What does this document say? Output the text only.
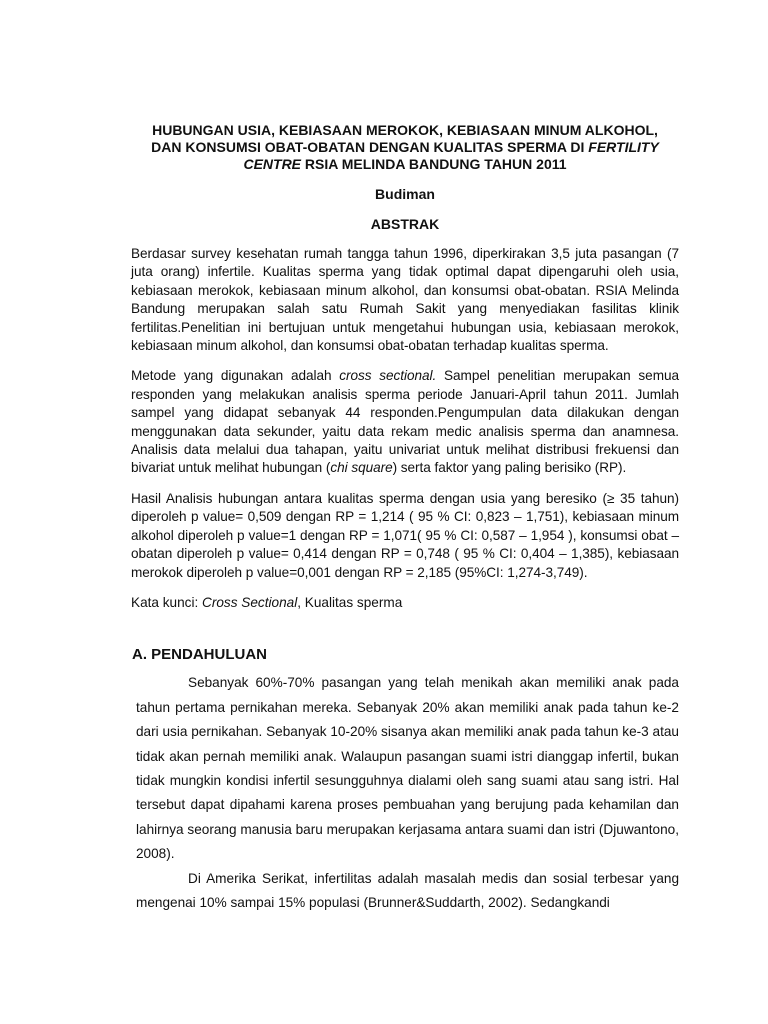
HUBUNGAN USIA, KEBIASAAN MEROKOK, KEBIASAAN MINUM ALKOHOL,
DAN KONSUMSI OBAT-OBATAN DENGAN KUALITAS SPERMA DI FERTILITY
CENTRE RSIA MELINDA BANDUNG TAHUN 2011
Budiman
ABSTRAK

Berdasar survey kesehatan rumah tangga tahun 1996, diperkirakan 3,5 juta pasangan (7 juta orang) infertile. Kualitas sperma yang tidak optimal dapat dipengaruhi oleh usia, kebiasaan merokok, kebiasaan minum alkohol, dan konsumsi obat-obatan. RSIA Melinda Bandung merupakan salah satu Rumah Sakit yang menyediakan fasilitas klinik fertilitas.Penelitian ini bertujuan untuk mengetahui hubungan usia, kebiasaan merokok, kebiasaan minum alkohol, dan konsumsi obat-obatan terhadap kualitas sperma.

Metode yang digunakan adalah cross sectional. Sampel penelitian merupakan semua responden yang melakukan analisis sperma periode Januari-April tahun 2011. Jumlah sampel yang didapat sebanyak 44 responden.Pengumpulan data dilakukan dengan menggunakan data sekunder, yaitu data rekam medic analisis sperma dan anamnesa. Analisis data melalui dua tahapan, yaitu univariat untuk melihat distribusi frekuensi dan bivariat untuk melihat hubungan (chi square) serta faktor yang paling berisiko (RP).

Hasil Analisis hubungan antara kualitas sperma dengan usia yang beresiko (≥ 35 tahun) diperoleh p value= 0,509 dengan RP = 1,214 ( 95 % CI: 0,823 – 1,751), kebiasaan minum alkohol diperoleh p value=1 dengan RP = 1,071( 95 % CI: 0,587 – 1,954 ), konsumsi obat – obatan diperoleh p value= 0,414 dengan RP = 0,748 ( 95 % CI: 0,404 – 1,385), kebiasaan merokok diperoleh p value=0,001 dengan RP = 2,185 (95%CI: 1,274-3,749).

Kata kunci: Cross Sectional, Kualitas sperma
A. PENDAHULUAN

Sebanyak 60%-70% pasangan yang telah menikah akan memiliki anak pada tahun pertama pernikahan mereka. Sebanyak 20% akan memiliki anak pada tahun ke-2 dari usia pernikahan. Sebanyak 10-20% sisanya akan memiliki anak pada tahun ke-3 atau tidak akan pernah memiliki anak. Walaupun pasangan suami istri dianggap infertil, bukan tidak mungkin kondisi infertil sesungguhnya dialami oleh sang suami atau sang istri. Hal tersebut dapat dipahami karena proses pembuahan yang berujung pada kehamilan dan lahirnya seorang manusia baru merupakan kerjasama antara suami dan istri (Djuwantono, 2008).

Di Amerika Serikat, infertilitas adalah masalah medis dan sosial terbesar yang mengenai 10% sampai 15% populasi (Brunner&Suddarth, 2002). Sedangkandi
